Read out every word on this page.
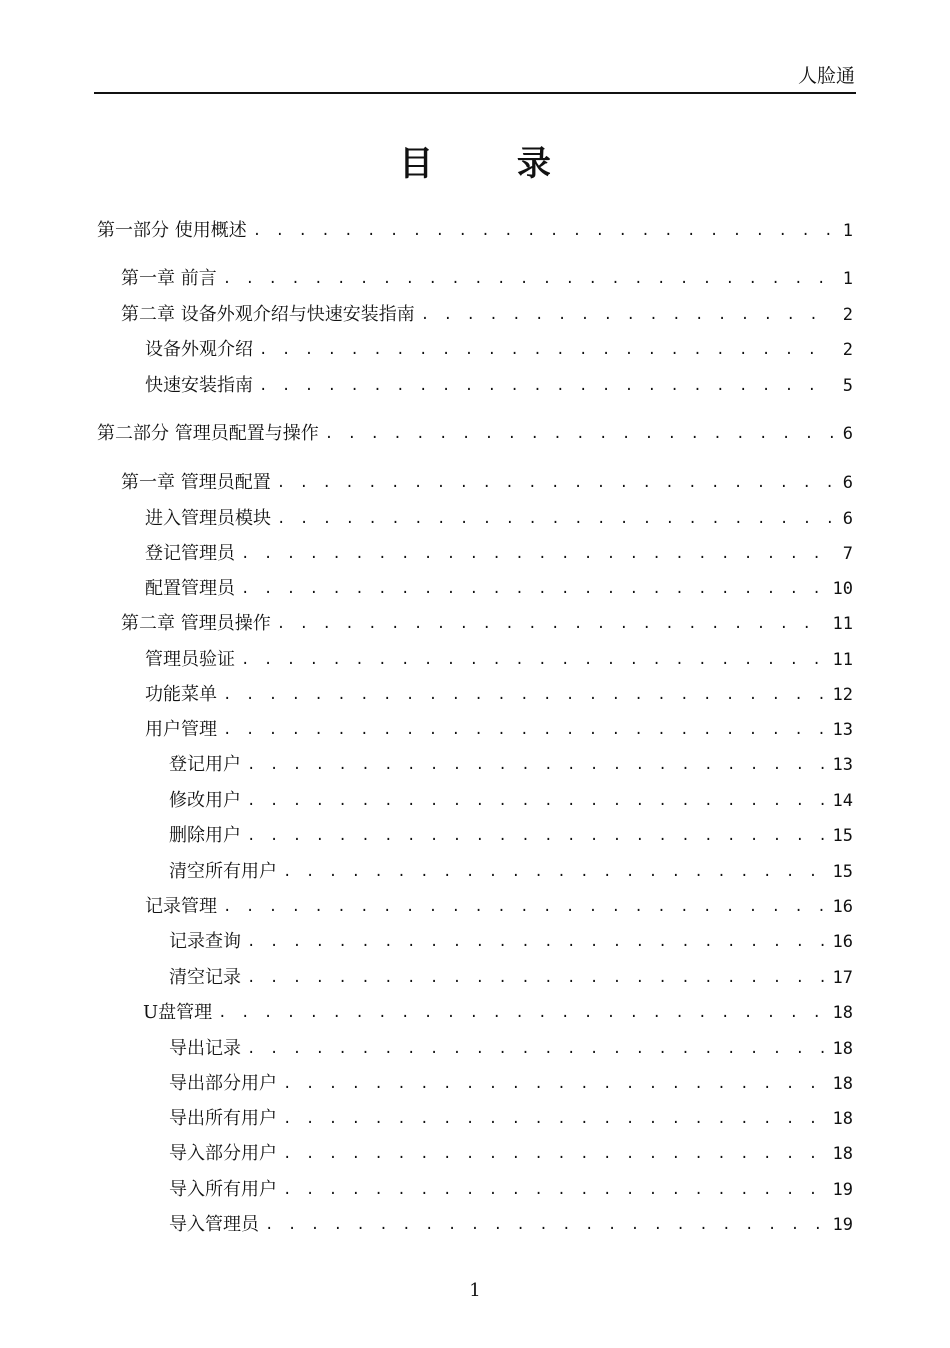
人脸通
目 录
第一部分 使用概述 . . .	1
第一章 前言 . . .	1
第二章 设备外观介绍与快速安装指南 . . .	2
设备外观介绍 . . .	2
快速安装指南 . . .	5
第二部分 管理员配置与操作 . . .	6
第一章 管理员配置 . . .	6
进入管理员模块 . . .	6
登记管理员 . . .	7
配置管理员 . . .	10
第二章 管理员操作 . . .	11
管理员验证 . . .	11
功能菜单 . . .	12
用户管理 . . .	13
登记用户 . . .	13
修改用户 . . .	14
删除用户 . . .	15
清空所有用户 . . .	15
记录管理 . . .	16
记录查询 . . .	16
清空记录 . . .	17
U盘管理 . . .	18
导出记录 . . .	18
导出部分用户 . . .	18
导出所有用户 . . .	18
导入部分用户 . . .	18
导入所有用户 . . .	19
导入管理员 . . .	19
1
